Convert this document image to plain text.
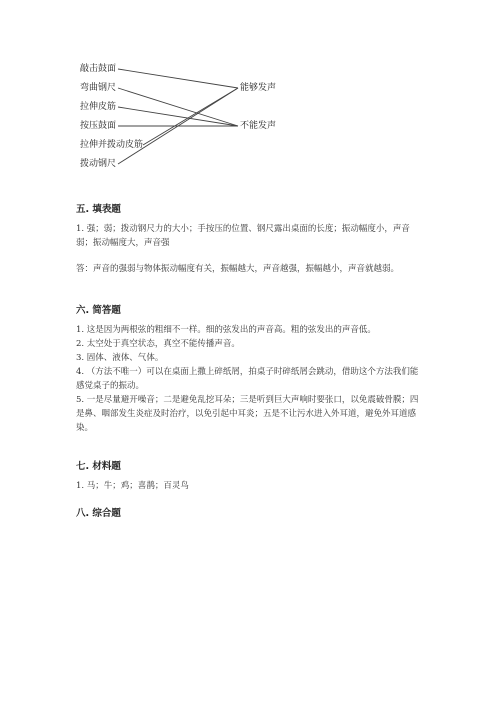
敲击鼓面
弯曲钢尺
拉伸皮筋
按压鼓面
拉伸并拨动皮筋
拨动钢尺
能够发声
不能发声
五. 填表题

1. 强；弱；拨动钢尺力的大小；手按压的位置、钢尺露出桌面的长度；振动幅度小，声音弱；振动幅度大，声音强

答：声音的强弱与物体振动幅度有关，振幅越大，声音越强，振幅越小，声音就越弱。

六. 简答题

1. 这是因为两根弦的粗细不一样。细的弦发出的声音高。粗的弦发出的声音低。

2. 太空处于真空状态，真空不能传播声音。

3. 固体、液体、气体。

4. （方法不唯一）可以在桌面上撒上碎纸屑，拍桌子时碎纸屑会跳动，借助这个方法我们能感觉桌子的振动。

5. 一是尽量避开噪音；二是避免乱挖耳朵；三是听到巨大声响时要张口，以免震破骨膜；四是鼻、咽部发生炎症及时治疗，以免引起中耳炎；五是不让污水进入外耳道，避免外耳道感染。

七. 材料题

1. 马；牛；鸡；喜鹊；百灵鸟

八. 综合题
